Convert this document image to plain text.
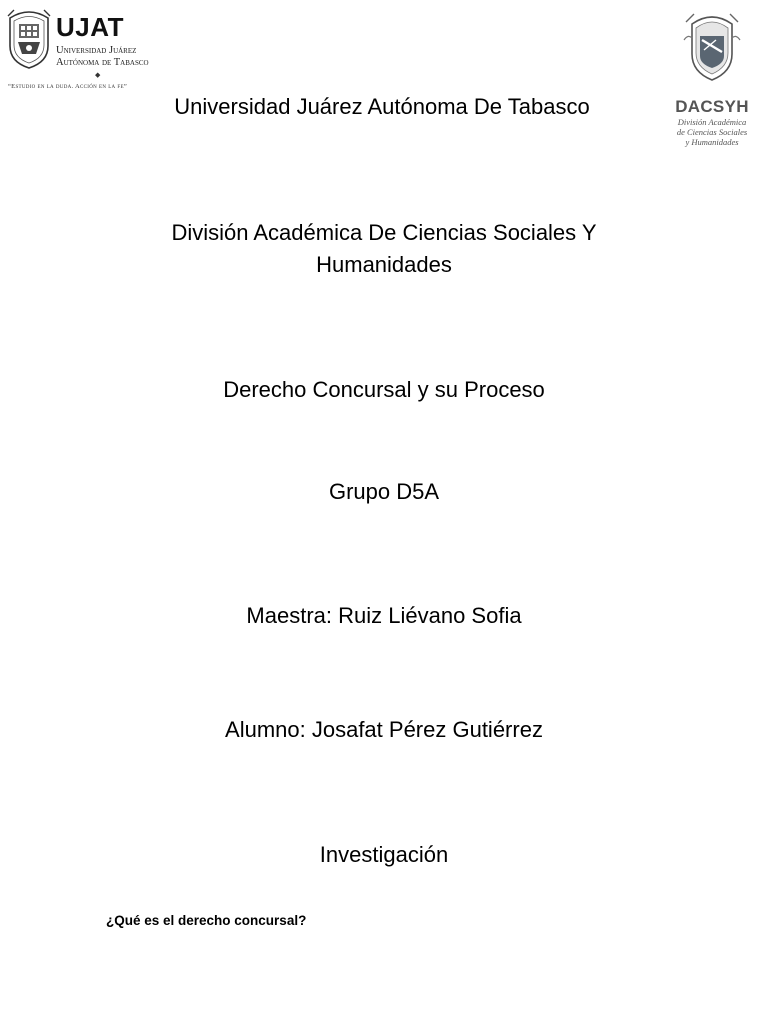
UJAT
Universidad Juárez
Autónoma de Tabasco
◆
“Estudio en la duda. Acción en la fe”
DACSYH
División Académica
de Ciencias Sociales
y Humanidades
Universidad Juárez Autónoma De Tabasco
División Académica De Ciencias Sociales Y Humanidades
Derecho Concursal y su Proceso
Grupo D5A
Maestra: Ruiz Liévano Sofia
Alumno: Josafat Pérez Gutiérrez
Investigación
¿Qué es el derecho concursal?
